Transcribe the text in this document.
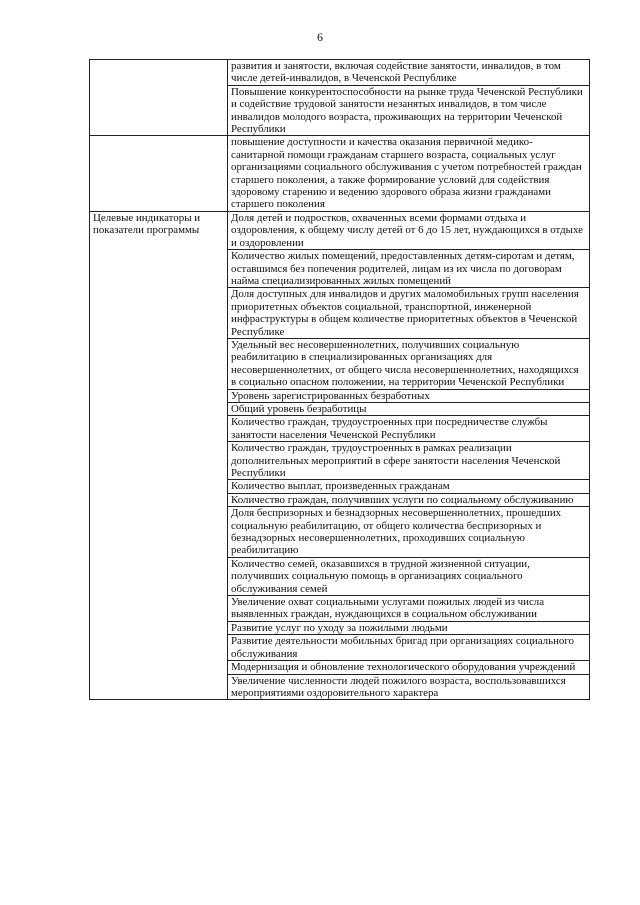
6
	развития и занятости, включая содействие занятости, инвалидов, в том числе детей-инвалидов, в Чеченской Республике
	Повышение конкурентоспособности на рынке труда Чеченской Республики и содействие трудовой занятости незанятых инвалидов, в том числе инвалидов молодого возраста, проживающих на территории Чеченской Республики
	повышение доступности и качества оказания первичной медико-санитарной помощи гражданам старшего возраста, социальных услуг организациями социального обслуживания с учетом потребностей граждан старшего поколения, а также формирование условий для содействия здоровому старению и ведению здорового образа жизни гражданами старшего поколения
Целевые индикаторы и показатели программы	Доля детей и подростков, охваченных всеми формами отдыха и оздоровления, к общему числу детей от 6 до 15 лет, нуждающихся в отдыхе и оздоровлении
	Количество жилых помещений, предоставленных детям-сиротам и детям, оставшимся без попечения родителей, лицам из их числа по договорам найма специализированных жилых помещений
	Доля доступных для инвалидов и других маломобильных групп населения приоритетных объектов социальной, транспортной, инженерной инфраструктуры в общем количестве приоритетных объектов в Чеченской Республике
	Удельный вес несовершеннолетних, получивших социальную реабилитацию в специализированных организациях для несовершеннолетних, от общего числа несовершеннолетних, находящихся в социально опасном положении, на территории Чеченской Республики
	Уровень зарегистрированных безработных
	Общий уровень безработицы
	Количество граждан, трудоустроенных при посредничестве службы занятости населения Чеченской Республики
	Количество граждан, трудоустроенных в рамках реализации дополнительных мероприятий в сфере занятости населения Чеченской Республики
	Количество выплат, произведенных гражданам
	Количество граждан, получивших услуги по социальному обслуживанию
	Доля беспризорных и безнадзорных несовершеннолетних, прошедших социальную реабилитацию, от общего количества беспризорных и безнадзорных несовершеннолетних, проходивших социальную реабилитацию
	Количество семей, оказавшихся в трудной жизненной ситуации, получивших социальную помощь в организациях социального обслуживания семей
	Увеличение охват социальными услугами пожилых людей из числа выявленных граждан, нуждающихся в социальном обслуживании
	Развитие услуг по уходу за пожилыми людьми
	Развитие деятельности мобильных бригад при организациях социального обслуживания
	Модернизация и обновление технологического оборудования учреждений
	Увеличение численности людей пожилого возраста, воспользовавшихся мероприятиями оздоровительного характера
